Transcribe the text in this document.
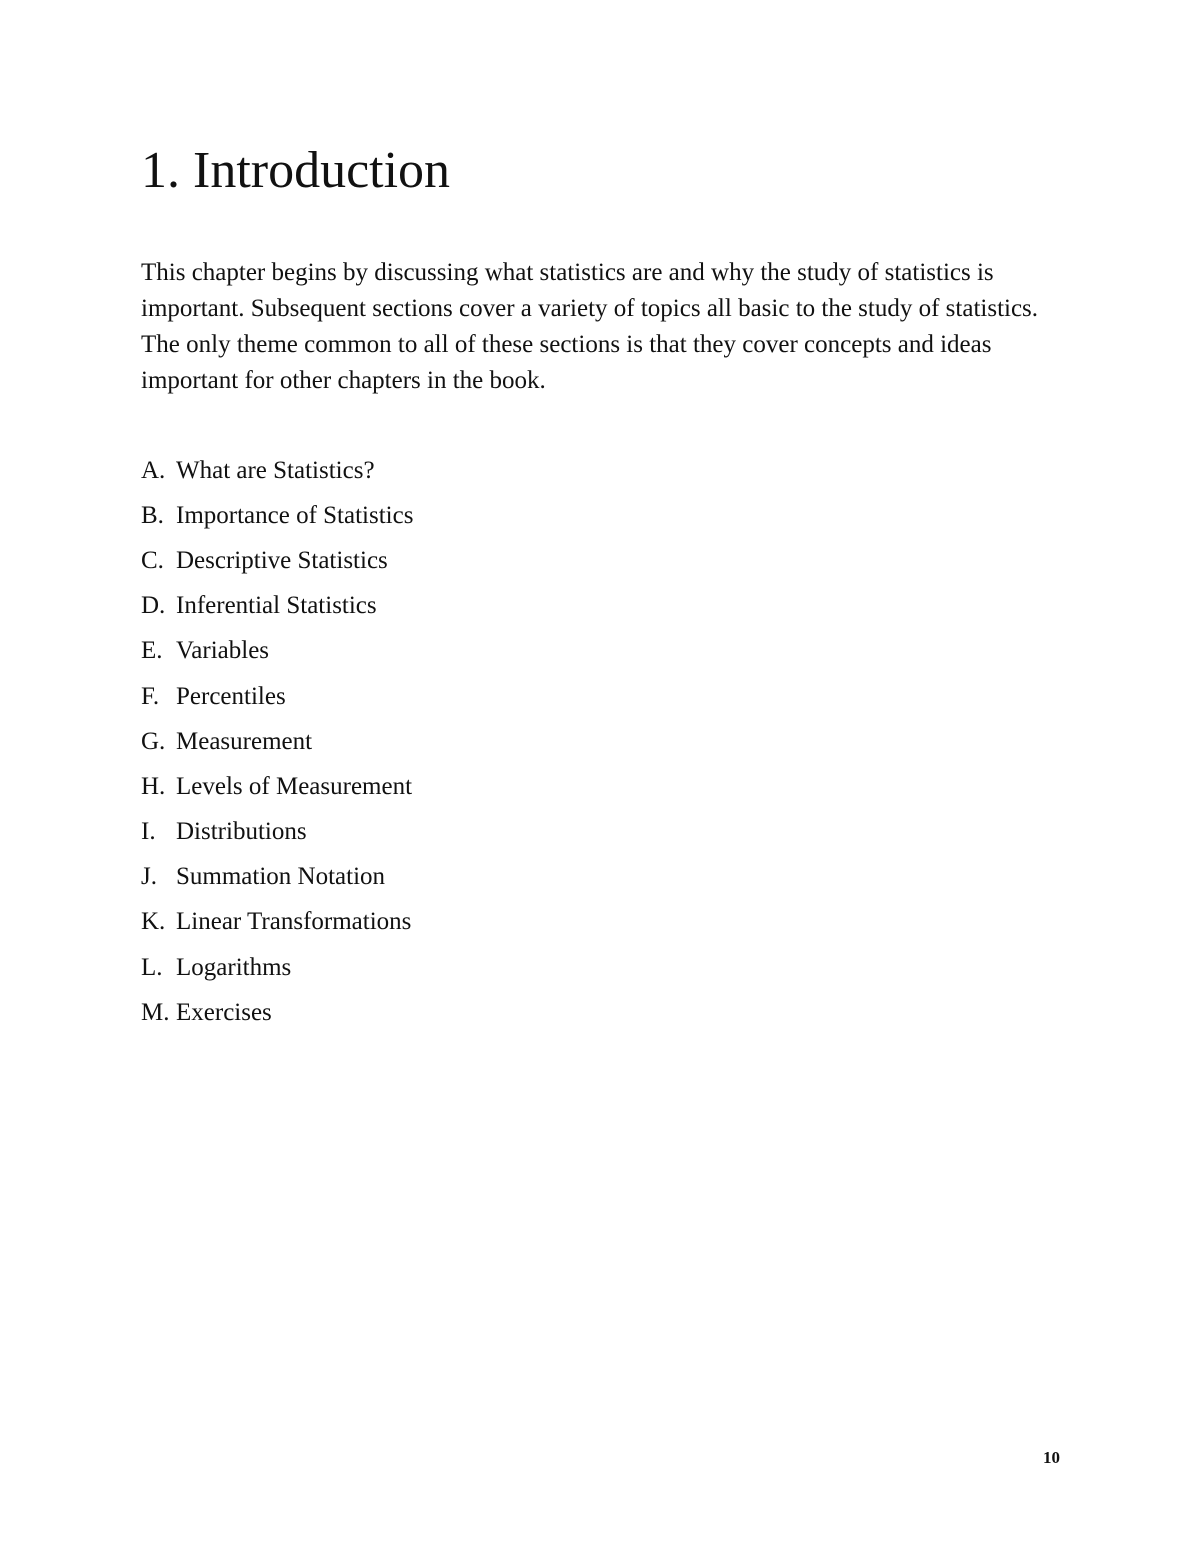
1. Introduction

This chapter begins by discussing what statistics are and why the study of statistics is important. Subsequent sections cover a variety of topics all basic to the study of statistics. The only theme common to all of these sections is that they cover concepts and ideas important for other chapters in the book.

A. What are Statistics?
B. Importance of Statistics
C. Descriptive Statistics
D. Inferential Statistics
E. Variables
F. Percentiles
G. Measurement
H. Levels of Measurement
I. Distributions
J. Summation Notation
K. Linear Transformations
L. Logarithms
M. Exercises
10
